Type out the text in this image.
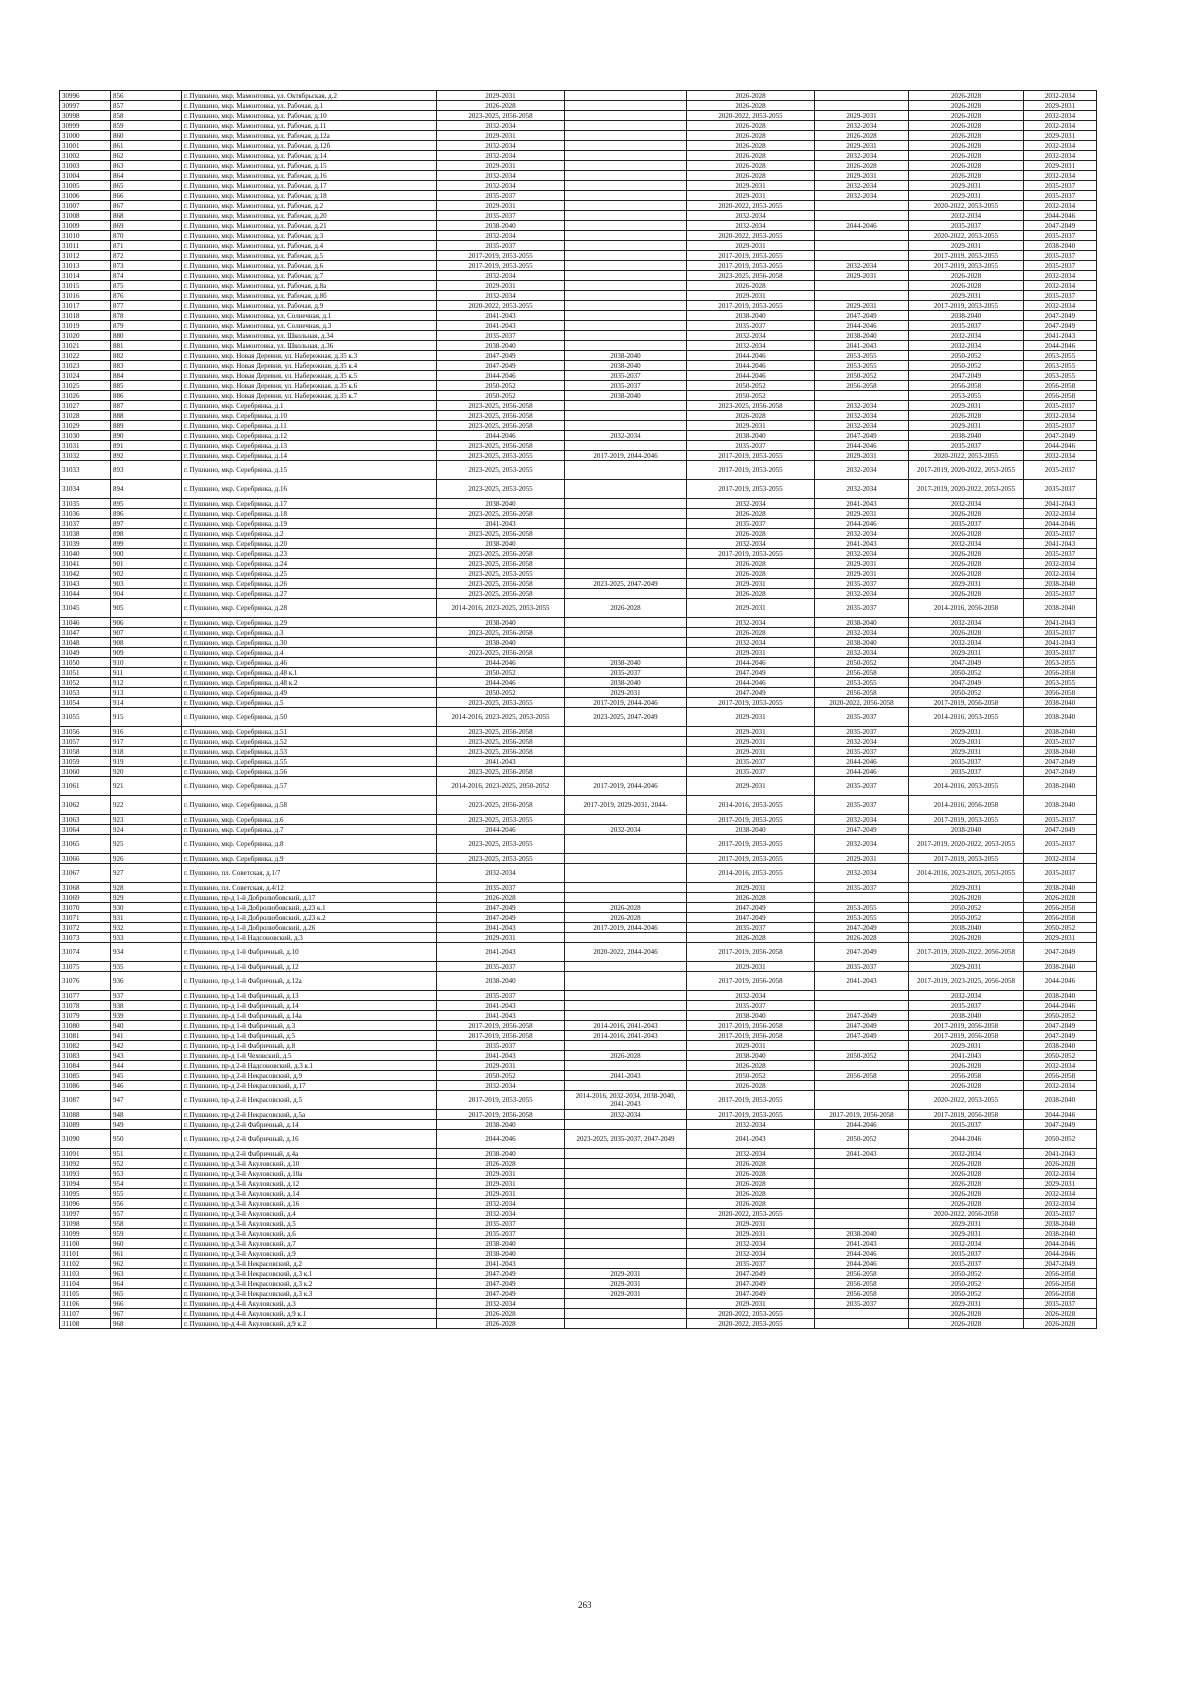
30996	856	г. Пушкино, мкр. Мамонтовка, ул. Октябрьская, д.2	2029-2031		2026-2028		2026-2028	2032-2034
30997	857	г. Пушкино, мкр. Мамонтовка, ул. Рабочая, д.1	2026-2028		2026-2028		2026-2028	2029-2031
30998	858	г. Пушкино, мкр. Мамонтовка, ул. Рабочая, д.10	2023-2025, 2056-2058		2020-2022, 2053-2055	2029-2031	2026-2028	2032-2034
30999	859	г. Пушкино, мкр. Мамонтовка, ул. Рабочая, д.11	2032-2034		2026-2028	2032-2034	2026-2028	2032-2034
31000	860	г. Пушкино, мкр. Мамонтовка, ул. Рабочая, д.12а	2029-2031		2026-2028	2026-2028	2026-2028	2029-2031
31001	861	г. Пушкино, мкр. Мамонтовка, ул. Рабочая, д.12б	2032-2034		2026-2028	2029-2031	2026-2028	2032-2034
31002	862	г. Пушкино, мкр. Мамонтовка, ул. Рабочая, д.14	2032-2034		2026-2028	2032-2034	2026-2028	2032-2034
31003	863	г. Пушкино, мкр. Мамонтовка, ул. Рабочая, д.15	2029-2031		2026-2028	2026-2028	2026-2028	2029-2031
31004	864	г. Пушкино, мкр. Мамонтовка, ул. Рабочая, д.16	2032-2034		2026-2028	2029-2031	2026-2028	2032-2034
31005	865	г. Пушкино, мкр. Мамонтовка, ул. Рабочая, д.17	2032-2034		2029-2031	2032-2034	2029-2031	2035-2037
31006	866	г. Пушкино, мкр. Мамонтовка, ул. Рабочая, д.18	2035-2037		2029-2031	2032-2034	2029-2031	2035-2037
31007	867	г. Пушкино, мкр. Мамонтовка, ул. Рабочая, д.2	2029-2031		2020-2022, 2053-2055		2020-2022, 2053-2055	2032-2034
31008	868	г. Пушкино, мкр. Мамонтовка, ул. Рабочая, д.20	2035-2037		2032-2034		2032-2034	2044-2046
31009	869	г. Пушкино, мкр. Мамонтовка, ул. Рабочая, д.21	2038-2040		2032-2034	2044-2046	2035-2037	2047-2049
31010	870	г. Пушкино, мкр. Мамонтовка, ул. Рабочая, д.3	2032-2034		2020-2022, 2053-2055		2020-2022, 2053-2055	2035-2037
31011	871	г. Пушкино, мкр. Мамонтовка, ул. Рабочая, д.4	2035-2037		2029-2031		2029-2031	2038-2040
31012	872	г. Пушкино, мкр. Мамонтовка, ул. Рабочая, д.5	2017-2019, 2053-2055		2017-2019, 2053-2055		2017-2019, 2053-2055	2035-2037
31013	873	г. Пушкино, мкр. Мамонтовка, ул. Рабочая, д.6	2017-2019, 2053-2055		2017-2019, 2053-2055	2032-2034	2017-2019, 2053-2055	2035-2037
31014	874	г. Пушкино, мкр. Мамонтовка, ул. Рабочая, д.7	2032-2034		2023-2025, 2056-2058	2029-2031	2026-2028	2032-2034
31015	875	г. Пушкино, мкр. Мамонтовка, ул. Рабочая, д.8а	2029-2031		2026-2028		2026-2028	2032-2034
31016	876	г. Пушкино, мкр. Мамонтовка, ул. Рабочая, д.8б	2032-2034		2029-2031		2029-2031	2035-2037
31017	877	г. Пушкино, мкр. Мамонтовка, ул. Рабочая, д.9	2020-2022, 2053-2055		2017-2019, 2053-2055	2029-2031	2017-2019, 2053-2055	2032-2034
31018	878	г. Пушкино, мкр. Мамонтовка, ул. Солнечная, д.1	2041-2043		2038-2040	2047-2049	2038-2040	2047-2049
31019	879	г. Пушкино, мкр. Мамонтовка, ул. Солнечная, д.3	2041-2043		2035-2037	2044-2046	2035-2037	2047-2049
31020	880	г. Пушкино, мкр. Мамонтовка, ул. Школьная, д.34	2035-2037		2032-2034	2038-2040	2032-2034	2041-2043
31021	881	г. Пушкино, мкр. Мамонтовка, ул. Школьная, д.36	2038-2040		2032-2034	2041-2043	2032-2034	2044-2046
31022	882	г. Пушкино, мкр. Новая Деревня, ул. Набережная, д.35 к.3	2047-2049	2038-2040	2044-2046	2053-2055	2050-2052	2053-2055
31023	883	г. Пушкино, мкр. Новая Деревня, ул. Набережная, д.35 к.4	2047-2049	2038-2040	2044-2046	2053-2055	2050-2052	2053-2055
31024	884	г. Пушкино, мкр. Новая Деревня, ул. Набережная, д.35 к.5	2044-2046	2035-2037	2044-2046	2050-2052	2047-2049	2053-2055
31025	885	г. Пушкино, мкр. Новая Деревня, ул. Набережная, д.35 к.6	2050-2052	2035-2037	2050-2052	2056-2058	2056-2058	2056-2058
31026	886	г. Пушкино, мкр. Новая Деревня, ул. Набережная, д.35 к.7	2050-2052	2038-2040	2050-2052		2053-2055	2056-2058
31027	887	г. Пушкино, мкр. Серебрянка, д.1	2023-2025, 2056-2058		2023-2025, 2056-2058	2032-2034	2029-2031	2035-2037
31028	888	г. Пушкино, мкр. Серебрянка, д.10	2023-2025, 2056-2058		2026-2028	2032-2034	2026-2028	2032-2034
31029	889	г. Пушкино, мкр. Серебрянка, д.11	2023-2025, 2056-2058		2029-2031	2032-2034	2029-2031	2035-2037
31030	890	г. Пушкино, мкр. Серебрянка, д.12	2044-2046	2032-2034	2038-2040	2047-2049	2038-2040	2047-2049
31031	891	г. Пушкино, мкр. Серебрянка, д.13	2023-2025, 2056-2058		2035-2037	2044-2046	2035-2037	2044-2046
31032	892	г. Пушкино, мкр. Серебрянка, д.14	2023-2025, 2053-2055	2017-2019, 2044-2046	2017-2019, 2053-2055	2029-2031	2020-2022, 2053-2055	2032-2034
31033	893	г. Пушкино, мкр. Серебрянка, д.15	2023-2025, 2053-2055		2017-2019, 2053-2055	2032-2034	2017-2019, 2020-2022, 2053-2055	2035-2037
31034	894	г. Пушкино, мкр. Серебрянка, д.16	2023-2025, 2053-2055		2017-2019, 2053-2055	2032-2034	2017-2019, 2020-2022, 2053-2055	2035-2037
31035	895	г. Пушкино, мкр. Серебрянка, д.17	2038-2040		2032-2034	2041-2043	2032-2034	2041-2043
31036	896	г. Пушкино, мкр. Серебрянка, д.18	2023-2025, 2056-2058		2026-2028	2029-2031	2026-2028	2032-2034
31037	897	г. Пушкино, мкр. Серебрянка, д.19	2041-2043		2035-2037	2044-2046	2035-2037	2044-2046
31038	898	г. Пушкино, мкр. Серебрянка, д.2	2023-2025, 2056-2058		2026-2028	2032-2034	2026-2028	2035-2037
31039	899	г. Пушкино, мкр. Серебрянка, д.20	2038-2040		2032-2034	2041-2043	2032-2034	2041-2043
31040	900	г. Пушкино, мкр. Серебрянка, д.23	2023-2025, 2056-2058		2017-2019, 2053-2055	2032-2034	2026-2028	2035-2037
31041	901	г. Пушкино, мкр. Серебрянка, д.24	2023-2025, 2056-2058		2026-2028	2029-2031	2026-2028	2032-2034
31042	902	г. Пушкино, мкр. Серебрянка, д.25	2023-2025, 2053-2055		2026-2028	2029-2031	2026-2028	2032-2034
31043	903	г. Пушкино, мкр. Серебрянка, д.26	2023-2025, 2056-2058	2023-2025, 2047-2049	2029-2031	2035-2037	2029-2031	2038-2040
31044	904	г. Пушкино, мкр. Серебрянка, д.27	2023-2025, 2056-2058		2026-2028	2032-2034	2026-2028	2035-2037
31045	905	г. Пушкино, мкр. Серебрянка, д.28	2014-2016, 2023-2025, 2053-2055	2026-2028	2029-2031	2035-2037	2014-2016, 2056-2058	2038-2040
31046	906	г. Пушкино, мкр. Серебрянка, д.29	2038-2040		2032-2034	2038-2040	2032-2034	2041-2043
31047	907	г. Пушкино, мкр. Серебрянка, д.3	2023-2025, 2056-2058		2026-2028	2032-2034	2026-2028	2035-2037
31048	908	г. Пушкино, мкр. Серебрянка, д.30	2038-2040		2032-2034	2038-2040	2032-2034	2041-2043
31049	909	г. Пушкино, мкр. Серебрянка, д.4	2023-2025, 2056-2058		2029-2031	2032-2034	2029-2031	2035-2037
31050	910	г. Пушкино, мкр. Серебрянка, д.46	2044-2046	2038-2040	2044-2046	2050-2052	2047-2049	2053-2055
31051	911	г. Пушкино, мкр. Серебрянка, д.48 к.1	2050-2052	2035-2037	2047-2049	2056-2058	2050-2052	2056-2058
31052	912	г. Пушкино, мкр. Серебрянка, д.48 к.2	2044-2046	2038-2040	2044-2046	2053-2055	2047-2049	2053-2055
31053	913	г. Пушкино, мкр. Серебрянка, д.49	2050-2052	2029-2031	2047-2049	2056-2058	2050-2052	2056-2058
31054	914	г. Пушкино, мкр. Серебрянка, д.5	2023-2025, 2053-2055	2017-2019, 2044-2046	2017-2019, 2053-2055	2020-2022, 2056-2058	2017-2019, 2056-2058	2038-2040
31055	915	г. Пушкино, мкр. Серебрянка, д.50	2014-2016, 2023-2025, 2053-2055	2023-2025, 2047-2049	2029-2031	2035-2037	2014-2016, 2053-2055	2038-2040
31056	916	г. Пушкино, мкр. Серебрянка, д.51	2023-2025, 2056-2058		2029-2031	2035-2037	2029-2031	2038-2040
31057	917	г. Пушкино, мкр. Серебрянка, д.52	2023-2025, 2056-2058		2029-2031	2032-2034	2029-2031	2035-2037
31058	918	г. Пушкино, мкр. Серебрянка, д.53	2023-2025, 2056-2058		2029-2031	2035-2037	2029-2031	2038-2040
31059	919	г. Пушкино, мкр. Серебрянка, д.55	2041-2043		2035-2037	2044-2046	2035-2037	2047-2049
31060	920	г. Пушкино, мкр. Серебрянка, д.56	2023-2025, 2056-2058		2035-2037	2044-2046	2035-2037	2047-2049
31061	921	г. Пушкино, мкр. Серебрянка, д.57	2014-2016, 2023-2025, 2050-2052	2017-2019, 2044-2046	2029-2031	2035-2037	2014-2016, 2053-2055	2038-2040
31062	922	г. Пушкино, мкр. Серебрянка, д.58	2023-2025, 2056-2058	2017-2019, 2029-2031, 2044-	2014-2016, 2053-2055	2035-2037	2014-2016, 2056-2058	2038-2040
31063	923	г. Пушкино, мкр. Серебрянка, д.6	2023-2025, 2053-2055		2017-2019, 2053-2055	2032-2034	2017-2019, 2053-2055	2035-2037
31064	924	г. Пушкино, мкр. Серебрянка, д.7	2044-2046	2032-2034	2038-2040	2047-2049	2038-2040	2047-2049
31065	925	г. Пушкино, мкр. Серебрянка, д.8	2023-2025, 2053-2055		2017-2019, 2053-2055	2032-2034	2017-2019, 2020-2022, 2053-2055	2035-2037
31066	926	г. Пушкино, мкр. Серебрянка, д.9	2023-2025, 2053-2055		2017-2019, 2053-2055	2029-2031	2017-2019, 2053-2055	2032-2034
31067	927	г. Пушкино, пл. Советская, д.1/7	2032-2034		2014-2016, 2053-2055	2032-2034	2014-2016, 2023-2025, 2053-2055	2035-2037
31068	928	г. Пушкино, пл. Советская, д.4/12	2035-2037		2029-2031	2035-2037	2029-2031	2038-2040
31069	929	г. Пушкино, пр-д 1-й Добролюбовский, д.17	2026-2028		2026-2028		2026-2028	2026-2028
31070	930	г. Пушкино, пр-д 1-й Добролюбовский, д.23 к.1	2047-2049	2026-2028	2047-2049	2053-2055	2050-2052	2056-2058
31071	931	г. Пушкино, пр-д 1-й Добролюбовский, д.23 к.2	2047-2049	2026-2028	2047-2049	2053-2055	2050-2052	2056-2058
31072	932	г. Пушкино, пр-д 1-й Добролюбовский, д.26	2041-2043	2017-2019, 2044-2046	2035-2037	2047-2049	2038-2040	2050-2052
31073	933	г. Пушкино, пр-д 1-й Надсоновский, д.3	2029-2031		2026-2028	2026-2028	2026-2028	2029-2031
31074	934	г. Пушкино, пр-д 1-й Фабричный, д.10	2041-2043	2020-2022, 2044-2046	2017-2019, 2056-2058	2047-2049	2017-2019, 2020-2022, 2056-2058	2047-2049
31075	935	г. Пушкино, пр-д 1-й Фабричный, д.12	2035-2037		2029-2031	2035-2037	2029-2031	2038-2040
31076	936	г. Пушкино, пр-д 1-й Фабричный, д.12а	2038-2040		2017-2019, 2056-2058	2041-2043	2017-2019, 2023-2025, 2056-2058	2044-2046
31077	937	г. Пушкино, пр-д 1-й Фабричный, д.13	2035-2037		2032-2034		2032-2034	2038-2040
31078	938	г. Пушкино, пр-д 1-й Фабричный, д.14	2041-2043		2035-2037		2035-2037	2044-2046
31079	939	г. Пушкино, пр-д 1-й Фабричный, д.14а	2041-2043		2038-2040	2047-2049	2038-2040	2050-2052
31080	940	г. Пушкино, пр-д 1-й Фабричный, д.3	2017-2019, 2056-2058	2014-2016, 2041-2043	2017-2019, 2056-2058	2047-2049	2017-2019, 2056-2058	2047-2049
31081	941	г. Пушкино, пр-д 1-й Фабричный, д.5	2017-2019, 2056-2058	2014-2016, 2041-2043	2017-2019, 2056-2058	2047-2049	2017-2019, 2056-2058	2047-2049
31082	942	г. Пушкино, пр-д 1-й Фабричный, д.8	2035-2037		2029-2031		2029-2031	2038-2040
31083	943	г. Пушкино, пр-д 1-й Чеховский, д.5	2041-2043	2026-2028	2038-2040	2050-2052	2041-2043	2050-2052
31084	944	г. Пушкино, пр-д 2-й Надсоновский, д.3 к.1	2029-2031		2026-2028		2026-2028	2032-2034
31085	945	г. Пушкино, пр-д 2-й Некрасовский, д.9	2050-2052	2041-2043	2050-2052	2056-2058	2056-2058	2056-2058
31086	946	г. Пушкино, пр-д 2-й Некрасовский, д.17	2032-2034		2026-2028		2026-2028	2032-2034
31087	947	г. Пушкино, пр-д 2-й Некрасовский, д.5	2017-2019, 2053-2055	2014-2016, 2032-2034, 2038-2040, 2041-2043	2017-2019, 2053-2055		2020-2022, 2053-2055	2038-2040
31088	948	г. Пушкино, пр-д 2-й Некрасовский, д.5а	2017-2019, 2056-2058	2032-2034	2017-2019, 2053-2055	2017-2019, 2056-2058	2017-2019, 2056-2058	2044-2046
31089	949	г. Пушкино, пр-д 2-й Фабричный, д.14	2038-2040		2032-2034	2044-2046	2035-2037	2047-2049
31090	950	г. Пушкино, пр-д 2-й Фабричный, д.16	2044-2046	2023-2025, 2035-2037, 2047-2049	2041-2043	2050-2052	2044-2046	2050-2052
31091	951	г. Пушкино, пр-д 2-й Фабричный, д.4а	2038-2040		2032-2034	2041-2043	2032-2034	2041-2043
31092	952	г. Пушкино, пр-д 3-й Акуловский, д.10	2026-2028		2026-2028		2026-2028	2026-2028
31093	953	г. Пушкино, пр-д 3-й Акуловский, д.10а	2029-2031		2026-2028		2026-2028	2032-2034
31094	954	г. Пушкино, пр-д 3-й Акуловский, д.12	2029-2031		2026-2028		2026-2028	2029-2031
31095	955	г. Пушкино, пр-д 3-й Акуловский, д.14	2029-2031		2026-2028		2026-2028	2032-2034
31096	956	г. Пушкино, пр-д 3-й Акуловский, д.16	2032-2034		2026-2028		2026-2028	2032-2034
31097	957	г. Пушкино, пр-д 3-й Акуловский, д.4	2032-2034		2020-2022, 2053-2055		2020-2022, 2056-2058	2035-2037
31098	958	г. Пушкино, пр-д 3-й Акуловский, д.5	2035-2037		2029-2031		2029-2031	2038-2040
31099	959	г. Пушкино, пр-д 3-й Акуловский, д.6	2035-2037		2029-2031	2038-2040	2029-2031	2038-2040
31100	960	г. Пушкино, пр-д 3-й Акуловский, д.7	2038-2040		2032-2034	2041-2043	2032-2034	2044-2046
31101	961	г. Пушкино, пр-д 3-й Акуловский, д.9	2038-2040		2032-2034	2044-2046	2035-2037	2044-2046
31102	962	г. Пушкино, пр-д 3-й Некрасовский, д.2	2041-2043		2035-2037	2044-2046	2035-2037	2047-2049
31103	963	г. Пушкино, пр-д 3-й Некрасовский, д.3 к.1	2047-2049	2029-2031	2047-2049	2056-2058	2050-2052	2056-2058
31104	964	г. Пушкино, пр-д 3-й Некрасовский, д.3 к.2	2047-2049	2029-2031	2047-2049	2056-2058	2050-2052	2056-2058
31105	965	г. Пушкино, пр-д 3-й Некрасовский, д.3 к.3	2047-2049	2029-2031	2047-2049	2056-2058	2050-2052	2056-2058
31106	966	г. Пушкино, пр-д 4-й Акуловский, д.3	2032-2034		2029-2031	2035-2037	2029-2031	2035-2037
31107	967	г. Пушкино, пр-д 4-й Акуловский, д.9 к.1	2026-2028		2020-2022, 2053-2055		2026-2028	2026-2028
31108	968	г. Пушкино, пр-д 4-й Акуловский, д.9 к.2	2026-2028		2020-2022, 2053-2055		2026-2028	2026-2028
263
